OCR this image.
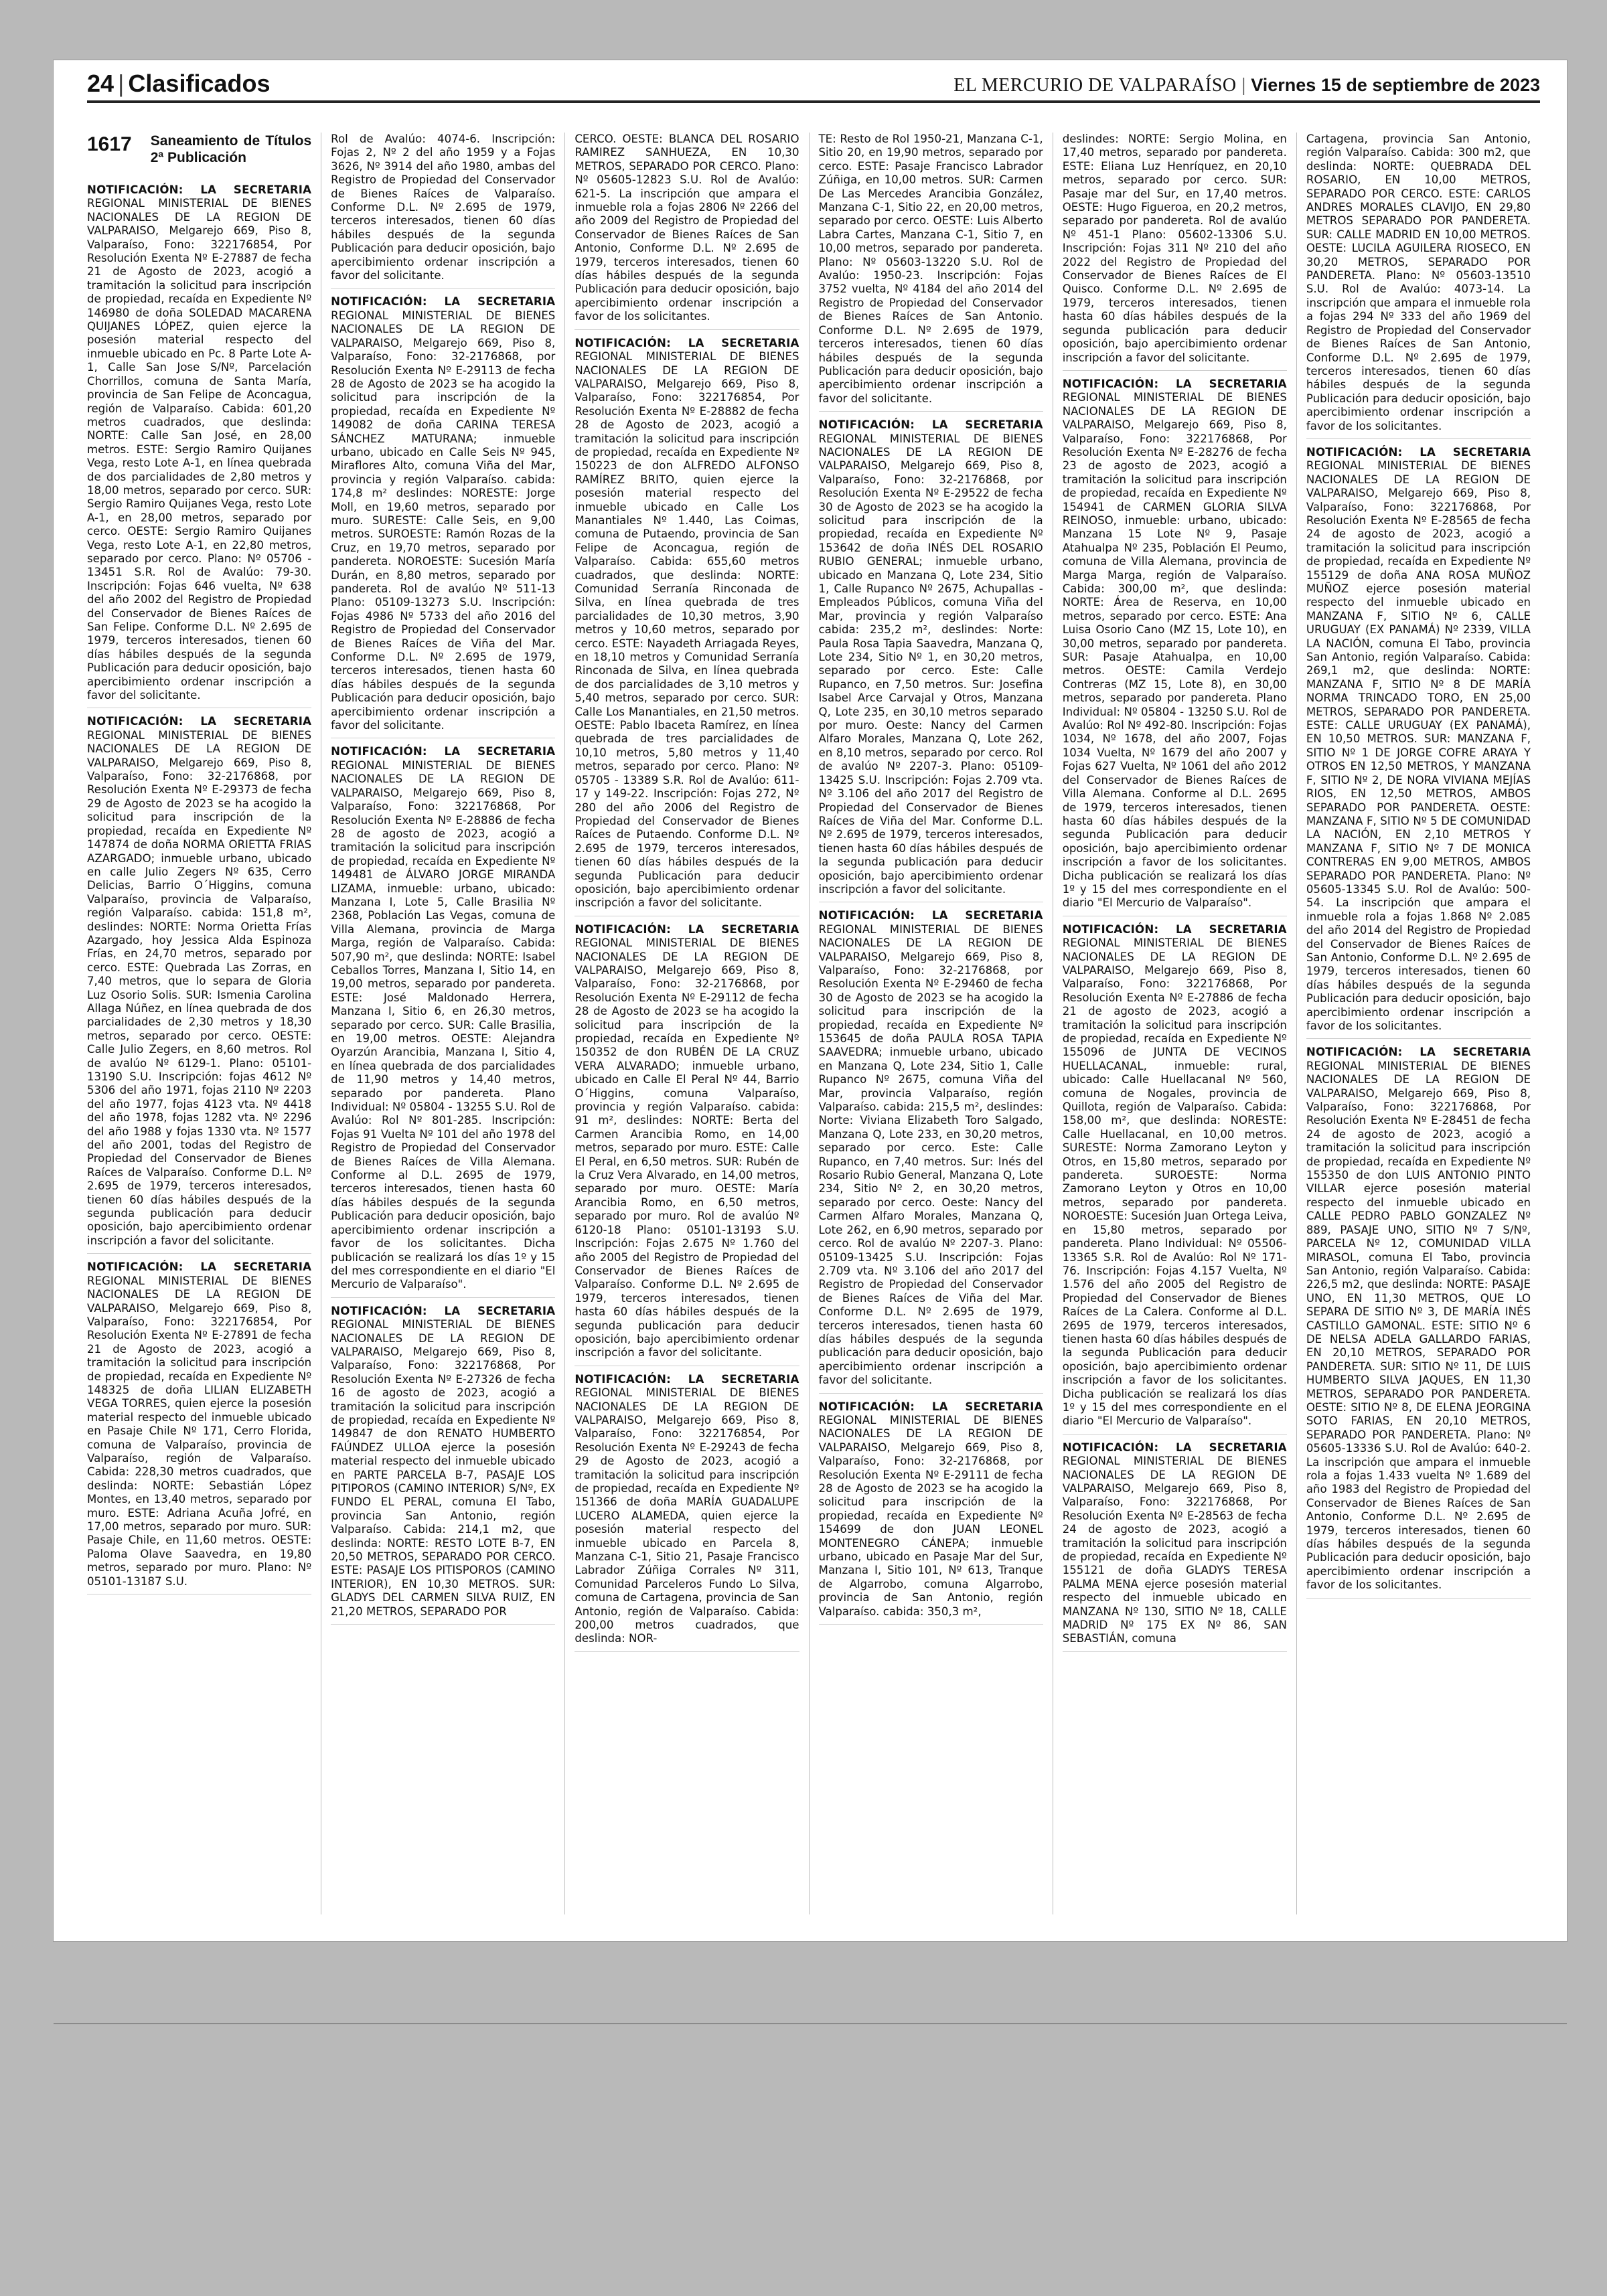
24 | Clasificados	EL MERCURIO DE VALPARAÍSO | Viernes 15 de septiembre de 2023
1617 Saneamiento de Títulos 2ª Publicación

NOTIFICACIÓN: LA SECRETARIA REGIONAL MINISTERIAL DE BIENES NACIONALES DE LA REGION DE VALPARAISO, Melgarejo 669, Piso 8, Valparaíso, Fono: 322176854, Por Resolución Exenta Nº E-27887 de fecha 21 de Agosto de 2023, acogió a tramitación la solicitud para inscripción de propiedad, recaída en Expediente Nº 146980 de doña SOLEDAD MACARENA QUIJANES LÓPEZ, quien ejerce la posesión material respecto del inmueble ubicado en Pc. 8 Parte Lote A-1, Calle San Jose S/Nº, Parcelación Chorrillos, comuna de Santa María, provincia de San Felipe de Aconcagua, región de Valparaíso. Cabida: 601,20 metros cuadrados, que deslinda: NORTE: Calle San José, en 28,00 metros. ESTE: Sergio Ramiro Quijanes Vega, resto Lote A-1, en línea quebrada de dos parcialidades de 2,80 metros y 18,00 metros, separado por cerco. SUR: Sergio Ramiro Quijanes Vega, resto Lote A-1, en 28,00 metros, separado por cerco. OESTE: Sergio Ramiro Quijanes Vega, resto Lote A-1, en 22,80 metros, separado por cerco. Plano: Nº 05706 - 13451 S.R. Rol de Avalúo: 79-30. Inscripción: Fojas 646 vuelta, Nº 638 del año 2002 del Registro de Propiedad del Conservador de Bienes Raíces de San Felipe. Conforme D.L. Nº 2.695 de 1979, terceros interesados, tienen 60 días hábiles después de la segunda Publicación para deducir oposición, bajo apercibimiento ordenar inscripción a favor del solicitante.

NOTIFICACIÓN: LA SECRETARIA REGIONAL MINISTERIAL DE BIENES NACIONALES DE LA REGION DE VALPARAISO, Melgarejo 669, Piso 8, Valparaíso, Fono: 32-2176868, por Resolución Exenta Nº E-29373 de fecha 29 de Agosto de 2023 se ha acogido la solicitud para inscripción de la propiedad, recaída en Expediente Nº 147874 de doña NORMA ORIETTA FRIAS AZARGADO; inmueble urbano, ubicado en calle Julio Zegers Nº 635, Cerro Delicias, Barrio O´Higgins, comuna Valparaíso, provincia de Valparaíso, región Valparaíso. cabida: 151,8 m², deslindes: NORTE: Norma Orietta Frías Azargado, hoy Jessica Alda Espinoza Frías, en 24,70 metros, separado por cerco. ESTE: Quebrada Las Zorras, en 7,40 metros, que lo separa de Gloria Luz Osorio Solis. SUR: Ismenia Carolina Allaga Núñez, en línea quebrada de dos parcialidades de 2,30 metros y 18,30 metros, separado por cerco. OESTE: Calle Julio Zegers, en 8,60 metros. Rol de avalúo Nº 6129-1. Plano: 05101-13190 S.U. Inscripción: fojas 4612 Nº 5306 del año 1971, fojas 2110 Nº 2203 del año 1977, fojas 4123 vta. Nº 4418 del año 1978, fojas 1282 vta. Nº 2296 del año 1988 y fojas 1330 vta. Nº 1577 del año 2001, todas del Registro de Propiedad del Conservador de Bienes Raíces de Valparaíso. Conforme D.L. Nº 2.695 de 1979, terceros interesados, tienen 60 días hábiles después de la segunda publicación para deducir oposición, bajo apercibimiento ordenar inscripción a favor del solicitante.

NOTIFICACIÓN: LA SECRETARIA REGIONAL MINISTERIAL DE BIENES NACIONALES DE LA REGION DE VALPARAISO, Melgarejo 669, Piso 8, Valparaíso, Fono: 322176854, Por Resolución Exenta Nº E-27891 de fecha 21 de Agosto de 2023, acogió a tramitación la solicitud para inscripción de propiedad, recaída en Expediente Nº 148325 de doña LILIAN ELIZABETH VEGA TORRES, quien ejerce la posesión material respecto del inmueble ubicado en Pasaje Chile Nº 171, Cerro Florida, comuna de Valparaíso, provincia de Valparaíso, región de Valparaíso. Cabida: 228,30 metros cuadrados, que deslinda: NORTE: Sebastián López Montes, en 13,40 metros, separado por muro. ESTE: Adriana Acuña Jofré, en 17,00 metros, separado por muro. SUR: Pasaje Chile, en 11,60 metros. OESTE: Paloma Olave Saavedra, en 19,80 metros, separado por muro. Plano: Nº 05101-13187 S.U.

Rol de Avalúo: 4074-6. Inscripción: Fojas 2, Nº 2 del año 1959 y a Fojas 3626, Nº 3914 del año 1980, ambas del Registro de Propiedad del Conservador de Bienes Raíces de Valparaíso. Conforme D.L. Nº 2.695 de 1979, terceros interesados, tienen 60 días hábiles después de la segunda Publicación para deducir oposición, bajo apercibimiento ordenar inscripción a favor del solicitante.

NOTIFICACIÓN: LA SECRETARIA REGIONAL MINISTERIAL DE BIENES NACIONALES DE LA REGION DE VALPARAISO, Melgarejo 669, Piso 8, Valparaíso, Fono: 32-2176868, por Resolución Exenta Nº E-29113 de fecha 28 de Agosto de 2023 se ha acogido la solicitud para inscripción de la propiedad, recaída en Expediente Nº 149082 de doña CARINA TERESA SÁNCHEZ MATURANA; inmueble urbano, ubicado en Calle Seis Nº 945, Miraflores Alto, comuna Viña del Mar, provincia y región Valparaíso. cabida: 174,8 m² deslindes: NORESTE: Jorge Moll, en 19,60 metros, separado por muro. SURESTE: Calle Seis, en 9,00 metros. SUROESTE: Ramón Rozas de la Cruz, en 19,70 metros, separado por pandereta. NOROESTE: Sucesión María Durán, en 8,80 metros, separado por pandereta. Rol de avalúo Nº 511-13 Plano: 05109-13273 S.U. Inscripción: Fojas 4986 Nº 5733 del año 2016 del Registro de Propiedad del Conservador de Bienes Raíces de Viña del Mar. Conforme D.L. Nº 2.695 de 1979, terceros interesados, tienen hasta 60 días hábiles después de la segunda Publicación para deducir oposición, bajo apercibimiento ordenar inscripción a favor del solicitante.

NOTIFICACIÓN: LA SECRETARIA REGIONAL MINISTERIAL DE BIENES NACIONALES DE LA REGION DE VALPARAISO, Melgarejo 669, Piso 8, Valparaíso, Fono: 322176868, Por Resolución Exenta Nº E-28886 de fecha 28 de agosto de 2023, acogió a tramitación la solicitud para inscripción de propiedad, recaída en Expediente Nº 149481 de ÁLVARO JORGE MIRANDA LIZAMA, inmueble: urbano, ubicado: Manzana I, Lote 5, Calle Brasilia Nº 2368, Población Las Vegas, comuna de Villa Alemana, provincia de Marga Marga, región de Valparaíso. Cabida: 507,90 m², que deslinda: NORTE: Isabel Ceballos Torres, Manzana I, Sitio 14, en 19,00 metros, separado por pandereta. ESTE: José Maldonado Herrera, Manzana I, Sitio 6, en 26,30 metros, separado por cerco. SUR: Calle Brasilia, en 19,00 metros. OESTE: Alejandra Oyarzún Arancibia, Manzana I, Sitio 4, en línea quebrada de dos parcialidades de 11,90 metros y 14,40 metros, separado por pandereta. Plano Individual: Nº 05804 - 13255 S.U. Rol de Avalúo: Rol Nº 801-285. Inscripción: Fojas 91 Vuelta Nº 101 del año 1978 del Registro de Propiedad del Conservador de Bienes Raíces de Villa Alemana. Conforme al D.L. 2695 de 1979, terceros interesados, tienen hasta 60 días hábiles después de la segunda Publicación para deducir oposición, bajo apercibimiento ordenar inscripción a favor de los solicitantes. Dicha publicación se realizará los días 1º y 15 del mes correspondiente en el diario "El Mercurio de Valparaíso".

NOTIFICACIÓN: LA SECRETARIA REGIONAL MINISTERIAL DE BIENES NACIONALES DE LA REGION DE VALPARAISO, Melgarejo 669, Piso 8, Valparaíso, Fono: 322176868, Por Resolución Exenta Nº E-27326 de fecha 16 de agosto de 2023, acogió a tramitación la solicitud para inscripción de propiedad, recaída en Expediente Nº 149847 de don RENATO HUMBERTO FAÚNDEZ ULLOA ejerce la posesión material respecto del inmueble ubicado en PARTE PARCELA B-7, PASAJE LOS PITIPOROS (CAMINO INTERIOR) S/Nº, EX FUNDO EL PERAL, comuna El Tabo, provincia San Antonio, región Valparaíso. Cabida: 214,1 m2, que deslinda: NORTE: RESTO LOTE B-7, EN 20,50 METROS, SEPARADO POR CERCO. ESTE: PASAJE LOS PITISPOROS (CAMINO INTERIOR), EN 10,30 METROS. SUR: GLADYS DEL CARMEN SILVA RUIZ, EN 21,20 METROS, SEPARADO POR

CERCO. OESTE: BLANCA DEL ROSARIO RAMIREZ SANHUEZA, EN 10,30 METROS, SEPARADO POR CERCO. Plano: Nº 05605-12823 S.U. Rol de Avalúo: 621-5. La inscripción que ampara el inmueble rola a fojas 2806 Nº 2266 del año 2009 del Registro de Propiedad del Conservador de Bienes Raíces de San Antonio, Conforme D.L. Nº 2.695 de 1979, terceros interesados, tienen 60 días hábiles después de la segunda Publicación para deducir oposición, bajo apercibimiento ordenar inscripción a favor de los solicitantes.

NOTIFICACIÓN: LA SECRETARIA REGIONAL MINISTERIAL DE BIENES NACIONALES DE LA REGION DE VALPARAISO, Melgarejo 669, Piso 8, Valparaíso, Fono: 322176854, Por Resolución Exenta Nº E-28882 de fecha 28 de Agosto de 2023, acogió a tramitación la solicitud para inscripción de propiedad, recaída en Expediente Nº 150223 de don ALFREDO ALFONSO RAMÍREZ BRITO, quien ejerce la posesión material respecto del inmueble ubicado en Calle Los Manantiales Nº 1.440, Las Coimas, comuna de Putaendo, provincia de San Felipe de Aconcagua, región de Valparaíso. Cabida: 655,60 metros cuadrados, que deslinda: NORTE: Comunidad Serranía Rinconada de Silva, en línea quebrada de tres parcialidades de 10,30 metros, 3,90 metros y 10,60 metros, separado por cerco. ESTE: Nayadeth Arriagada Reyes, en 18,10 metros y Comunidad Serranía Rinconada de Silva, en línea quebrada de dos parcialidades de 3,10 metros y 5,40 metros, separado por cerco. SUR: Calle Los Manantiales, en 21,50 metros. OESTE: Pablo Ibaceta Ramírez, en línea quebrada de tres parcialidades de 10,10 metros, 5,80 metros y 11,40 metros, separado por cerco. Plano: Nº 05705 - 13389 S.R. Rol de Avalúo: 611-17 y 149-22. Inscripción: Fojas 272, Nº 280 del año 2006 del Registro de Propiedad del Conservador de Bienes Raíces de Putaendo. Conforme D.L. Nº 2.695 de 1979, terceros interesados, tienen 60 días hábiles después de la segunda Publicación para deducir oposición, bajo apercibimiento ordenar inscripción a favor del solicitante.

NOTIFICACIÓN: LA SECRETARIA REGIONAL MINISTERIAL DE BIENES NACIONALES DE LA REGION DE VALPARAISO, Melgarejo 669, Piso 8, Valparaíso, Fono: 32-2176868, por Resolución Exenta Nº E-29112 de fecha 28 de Agosto de 2023 se ha acogido la solicitud para inscripción de la propiedad, recaída en Expediente Nº 150352 de don RUBÉN DE LA CRUZ VERA ALVARADO; inmueble urbano, ubicado en Calle El Peral Nº 44, Barrio O´Higgins, comuna Valparaíso, provincia y región Valparaíso. cabida: 91 m², deslindes: NORTE: Berta del Carmen Arancibia Romo, en 14,00 metros, separado por muro. ESTE: Calle El Peral, en 6,50 metros. SUR: Rubén de la Cruz Vera Alvarado, en 14,00 metros, separado por muro. OESTE: María Arancibia Romo, en 6,50 metros, separado por muro. Rol de avalúo Nº 6120-18 Plano: 05101-13193 S.U. Inscripción: Fojas 2.675 Nº 1.760 del año 2005 del Registro de Propiedad del Conservador de Bienes Raíces de Valparaíso. Conforme D.L. Nº 2.695 de 1979, terceros interesados, tienen hasta 60 días hábiles después de la segunda publicación para deducir oposición, bajo apercibimiento ordenar inscripción a favor del solicitante.

NOTIFICACIÓN: LA SECRETARIA REGIONAL MINISTERIAL DE BIENES NACIONALES DE LA REGION DE VALPARAISO, Melgarejo 669, Piso 8, Valparaíso, Fono: 322176854, Por Resolución Exenta Nº E-29243 de fecha 29 de Agosto de 2023, acogió a tramitación la solicitud para inscripción de propiedad, recaída en Expediente Nº 151366 de doña MARÍA GUADALUPE LUCERO ALAMEDA, quien ejerce la posesión material respecto del inmueble ubicado en Parcela 8, Manzana C-1, Sitio 21, Pasaje Francisco Labrador Zúñiga Corrales Nº 311, Comunidad Parceleros Fundo Lo Silva, comuna de Cartagena, provincia de San Antonio, región de Valparaíso. Cabida: 200,00 metros cuadrados, que deslinda: NOR-

TE: Resto de Rol 1950-21, Manzana C-1, Sitio 20, en 19,90 metros, separado por cerco. ESTE: Pasaje Francisco Labrador Zúñiga, en 10,00 metros. SUR: Carmen De Las Mercedes Arancibia González, Manzana C-1, Sitio 22, en 20,00 metros, separado por cerco. OESTE: Luis Alberto Labra Cartes, Manzana C-1, Sitio 7, en 10,00 metros, separado por pandereta. Plano: Nº 05603-13220 S.U. Rol de Avalúo: 1950-23. Inscripción: Fojas 3752 vuelta, Nº 4184 del año 2014 del Registro de Propiedad del Conservador de Bienes Raíces de San Antonio. Conforme D.L. Nº 2.695 de 1979, terceros interesados, tienen 60 días hábiles después de la segunda Publicación para deducir oposición, bajo apercibimiento ordenar inscripción a favor del solicitante.

NOTIFICACIÓN: LA SECRETARIA REGIONAL MINISTERIAL DE BIENES NACIONALES DE LA REGION DE VALPARAISO, Melgarejo 669, Piso 8, Valparaíso, Fono: 32-2176868, por Resolución Exenta Nº E-29522 de fecha 30 de Agosto de 2023 se ha acogido la solicitud para inscripción de la propiedad, recaída en Expediente Nº 153642 de doña INÉS DEL ROSARIO RUBIO GENERAL; inmueble urbano, ubicado en Manzana Q, Lote 234, Sitio 1, Calle Rupanco Nº 2675, Achupallas - Empleados Públicos, comuna Viña del Mar, provincia y región Valparaíso cabida: 235,2 m², deslindes: Norte: Paula Rosa Tapia Saavedra, Manzana Q, Lote 234, Sitio Nº 1, en 30,20 metros, separado por cerco. Este: Calle Rupanco, en 7,50 metros. Sur: Josefina Isabel Arce Carvajal y Otros, Manzana Q, Lote 235, en 30,10 metros separado por muro. Oeste: Nancy del Carmen Alfaro Morales, Manzana Q, Lote 262, en 8,10 metros, separado por cerco. Rol de avalúo Nº 2207-3. Plano: 05109-13425 S.U. Inscripción: Fojas 2.709 vta. Nº 3.106 del año 2017 del Registro de Propiedad del Conservador de Bienes Raíces de Viña del Mar. Conforme D.L. Nº 2.695 de 1979, terceros interesados, tienen hasta 60 días hábiles después de la segunda publicación para deducir oposición, bajo apercibimiento ordenar inscripción a favor del solicitante.

NOTIFICACIÓN: LA SECRETARIA REGIONAL MINISTERIAL DE BIENES NACIONALES DE LA REGION DE VALPARAISO, Melgarejo 669, Piso 8, Valparaíso, Fono: 32-2176868, por Resolución Exenta Nº E-29460 de fecha 30 de Agosto de 2023 se ha acogido la solicitud para inscripción de la propiedad, recaída en Expediente Nº 153645 de doña PAULA ROSA TAPIA SAAVEDRA; inmueble urbano, ubicado en Manzana Q, Lote 234, Sitio 1, Calle Rupanco Nº 2675, comuna Viña del Mar, provincia Valparaíso, región Valparaíso. cabida: 215,5 m², deslindes: Norte: Viviana Elizabeth Toro Salgado, Manzana Q, Lote 233, en 30,20 metros, separado por cerco. Este: Calle Rupanco, en 7,40 metros. Sur: Inés del Rosario Rubio General, Manzana Q, Lote 234, Sitio Nº 2, en 30,20 metros, separado por cerco. Oeste: Nancy del Carmen Alfaro Morales, Manzana Q, Lote 262, en 6,90 metros, separado por cerco. Rol de avalúo Nº 2207-3. Plano: 05109-13425 S.U. Inscripción: Fojas 2.709 vta. Nº 3.106 del año 2017 del Registro de Propiedad del Conservador de Bienes Raíces de Viña del Mar. Conforme D.L. Nº 2.695 de 1979, terceros interesados, tienen hasta 60 días hábiles después de la segunda publicación para deducir oposición, bajo apercibimiento ordenar inscripción a favor del solicitante.

NOTIFICACIÓN: LA SECRETARIA REGIONAL MINISTERIAL DE BIENES NACIONALES DE LA REGION DE VALPARAISO, Melgarejo 669, Piso 8, Valparaíso, Fono: 32-2176868, por Resolución Exenta Nº E-29111 de fecha 28 de Agosto de 2023 se ha acogido la solicitud para inscripción de la propiedad, recaída en Expediente Nº 154699 de don JUAN LEONEL MONTENEGRO CÁNEPA; inmueble urbano, ubicado en Pasaje Mar del Sur, Manzana I, Sitio 101, Nº 613, Tranque de Algarrobo, comuna Algarrobo, provincia de San Antonio, región Valparaíso. cabida: 350,3 m²,

deslindes: NORTE: Sergio Molina, en 17,40 metros, separado por pandereta. ESTE: Eliana Luz Henríquez, en 20,10 metros, separado por cerco. SUR: Pasaje mar del Sur, en 17,40 metros. OESTE: Hugo Figueroa, en 20,2 metros, separado por pandereta. Rol de avalúo Nº 451-1 Plano: 05602-13306 S.U. Inscripción: Fojas 311 Nº 210 del año 2022 del Registro de Propiedad del Conservador de Bienes Raíces de El Quisco. Conforme D.L. Nº 2.695 de 1979, terceros interesados, tienen hasta 60 días hábiles después de la segunda publicación para deducir oposición, bajo apercibimiento ordenar inscripción a favor del solicitante.

NOTIFICACIÓN: LA SECRETARIA REGIONAL MINISTERIAL DE BIENES NACIONALES DE LA REGION DE VALPARAISO, Melgarejo 669, Piso 8, Valparaíso, Fono: 322176868, Por Resolución Exenta Nº E-28276 de fecha 23 de agosto de 2023, acogió a tramitación la solicitud para inscripción de propiedad, recaída en Expediente Nº 154941 de CARMEN GLORIA SILVA REINOSO, inmueble: urbano, ubicado: Manzana 15 Lote Nº 9, Pasaje Atahualpa Nº 235, Población El Peumo, comuna de Villa Alemana, provincia de Marga Marga, región de Valparaíso. Cabida: 300,00 m², que deslinda: NORTE: Área de Reserva, en 10,00 metros, separado por cerco. ESTE: Ana Luisa Osorio Cano (MZ 15, Lote 10), en 30,00 metros, separado por pandereta. SUR: Pasaje Atahualpa, en 10,00 metros. OESTE: Camila Verdejo Contreras (MZ 15, Lote 8), en 30,00 metros, separado por pandereta. Plano Individual: Nº 05804 - 13250 S.U. Rol de Avalúo: Rol Nº 492-80. Inscripción: Fojas 1034, Nº 1678, del año 2007, Fojas 1034 Vuelta, Nº 1679 del año 2007 y Fojas 627 Vuelta, Nº 1061 del año 2012 del Conservador de Bienes Raíces de Villa Alemana. Conforme al D.L. 2695 de 1979, terceros interesados, tienen hasta 60 días hábiles después de la segunda Publicación para deducir oposición, bajo apercibimiento ordenar inscripción a favor de los solicitantes. Dicha publicación se realizará los días 1º y 15 del mes correspondiente en el diario "El Mercurio de Valparaíso".

NOTIFICACIÓN: LA SECRETARIA REGIONAL MINISTERIAL DE BIENES NACIONALES DE LA REGION DE VALPARAISO, Melgarejo 669, Piso 8, Valparaíso, Fono: 322176868, Por Resolución Exenta Nº E-27886 de fecha 21 de agosto de 2023, acogió a tramitación la solicitud para inscripción de propiedad, recaída en Expediente Nº 155096 de JUNTA DE VECINOS HUELLACANAL, inmueble: rural, ubicado: Calle Huellacanal Nº 560, comuna de Nogales, provincia de Quillota, región de Valparaíso. Cabida: 158,00 m², que deslinda: NORESTE: Calle Huellacanal, en 10,00 metros. SURESTE: Norma Zamorano Leyton y Otros, en 15,80 metros, separado por pandereta. SUROESTE: Norma Zamorano Leyton y Otros en 10,00 metros, separado por pandereta. NOROESTE: Sucesión Juan Ortega Leiva, en 15,80 metros, separado por pandereta. Plano Individual: Nº 05506-13365 S.R. Rol de Avalúo: Rol Nº 171-76. Inscripción: Fojas 4.157 Vuelta, Nº 1.576 del año 2005 del Registro de Propiedad del Conservador de Bienes Raíces de La Calera. Conforme al D.L. 2695 de 1979, terceros interesados, tienen hasta 60 días hábiles después de la segunda Publicación para deducir oposición, bajo apercibimiento ordenar inscripción a favor de los solicitantes. Dicha publicación se realizará los días 1º y 15 del mes correspondiente en el diario "El Mercurio de Valparaíso".

NOTIFICACIÓN: LA SECRETARIA REGIONAL MINISTERIAL DE BIENES NACIONALES DE LA REGION DE VALPARAISO, Melgarejo 669, Piso 8, Valparaíso, Fono: 322176868, Por Resolución Exenta Nº E-28563 de fecha 24 de agosto de 2023, acogió a tramitación la solicitud para inscripción de propiedad, recaída en Expediente Nº 155121 de doña GLADYS TERESA PALMA MENA ejerce posesión material respecto del inmueble ubicado en MANZANA Nº 130, SITIO Nº 18, CALLE MADRID Nº 175 EX Nº 86, SAN SEBASTIÁN, comuna

Cartagena, provincia San Antonio, región Valparaíso. Cabida: 300 m2, que deslinda: NORTE: QUEBRADA DEL ROSARIO, EN 10,00 METROS, SEPARADO POR CERCO. ESTE: CARLOS ANDRES MORALES CLAVIJO, EN 29,80 METROS SEPARADO POR PANDERETA. SUR: CALLE MADRID EN 10,00 METROS. OESTE: LUCILA AGUILERA RIOSECO, EN 30,20 METROS, SEPARADO POR PANDERETA. Plano: Nº 05603-13510 S.U. Rol de Avalúo: 4073-14. La inscripción que ampara el inmueble rola a fojas 294 Nº 333 del año 1969 del Registro de Propiedad del Conservador de Bienes Raíces de San Antonio, Conforme D.L. Nº 2.695 de 1979, terceros interesados, tienen 60 días hábiles después de la segunda Publicación para deducir oposición, bajo apercibimiento ordenar inscripción a favor de los solicitantes.

NOTIFICACIÓN: LA SECRETARIA REGIONAL MINISTERIAL DE BIENES NACIONALES DE LA REGION DE VALPARAISO, Melgarejo 669, Piso 8, Valparaíso, Fono: 322176868, Por Resolución Exenta Nº E-28565 de fecha 24 de agosto de 2023, acogió a tramitación la solicitud para inscripción de propiedad, recaída en Expediente Nº 155129 de doña ANA ROSA MUÑOZ MUÑOZ ejerce posesión material respecto del inmueble ubicado en MANZANA F, SITIO Nº 6, CALLE URUGUAY (EX PANAMÁ) Nº 2339, VILLA LA NACIÓN, comuna El Tabo, provincia San Antonio, región Valparaíso. Cabida: 269,1 m2, que deslinda: NORTE: MANZANA F, SITIO Nº 8 DE MARÍA NORMA TRINCADO TORO, EN 25,00 METROS, SEPARADO POR PANDERETA. ESTE: CALLE URUGUAY (EX PANAMÁ), EN 10,50 METROS. SUR: MANZANA F, SITIO Nº 1 DE JORGE COFRE ARAYA Y OTROS EN 12,50 METROS, Y MANZANA F, SITIO Nº 2, DE NORA VIVIANA MEJÍAS RIOS, EN 12,50 METROS, AMBOS SEPARADO POR PANDERETA. OESTE: MANZANA F, SITIO Nº 5 DE COMUNIDAD LA NACIÓN, EN 2,10 METROS Y MANZANA F, SITIO Nº 7 DE MONICA CONTRERAS EN 9,00 METROS, AMBOS SEPARADO POR PANDERETA. Plano: Nº 05605-13345 S.U. Rol de Avalúo: 500-54. La inscripción que ampara el inmueble rola a fojas 1.868 Nº 2.085 del año 2014 del Registro de Propiedad del Conservador de Bienes Raíces de San Antonio, Conforme D.L. Nº 2.695 de 1979, terceros interesados, tienen 60 días hábiles después de la segunda Publicación para deducir oposición, bajo apercibimiento ordenar inscripción a favor de los solicitantes.

NOTIFICACIÓN: LA SECRETARIA REGIONAL MINISTERIAL DE BIENES NACIONALES DE LA REGION DE VALPARAISO, Melgarejo 669, Piso 8, Valparaíso, Fono: 322176868, Por Resolución Exenta Nº E-28451 de fecha 24 de agosto de 2023, acogió a tramitación la solicitud para inscripción de propiedad, recaída en Expediente Nº 155350 de don LUIS ANTONIO PINTO VILLAR ejerce posesión material respecto del inmueble ubicado en CALLE PEDRO PABLO GONZALEZ Nº 889, PASAJE UNO, SITIO Nº 7 S/Nº, PARCELA Nº 12, COMUNIDAD VILLA MIRASOL, comuna El Tabo, provincia San Antonio, región Valparaíso. Cabida: 226,5 m2, que deslinda: NORTE: PASAJE UNO, EN 11,30 METROS, QUE LO SEPARA DE SITIO Nº 3, DE MARÍA INÉS CASTILLO GAMONAL. ESTE: SITIO Nº 6 DE NELSA ADELA GALLARDO FARIAS, EN 20,10 METROS, SEPARADO POR PANDERETA. SUR: SITIO Nº 11, DE LUIS HUMBERTO SILVA JAQUES, EN 11,30 METROS, SEPARADO POR PANDERETA. OESTE: SITIO Nº 8, DE ELENA JEORGINA SOTO FARIAS, EN 20,10 METROS, SEPARADO POR PANDERETA. Plano: Nº 05605-13336 S.U. Rol de Avalúo: 640-2. La inscripción que ampara el inmueble rola a fojas 1.433 vuelta Nº 1.689 del año 1983 del Registro de Propiedad del Conservador de Bienes Raíces de San Antonio, Conforme D.L. Nº 2.695 de 1979, terceros interesados, tienen 60 días hábiles después de la segunda Publicación para deducir oposición, bajo apercibimiento ordenar inscripción a favor de los solicitantes.
